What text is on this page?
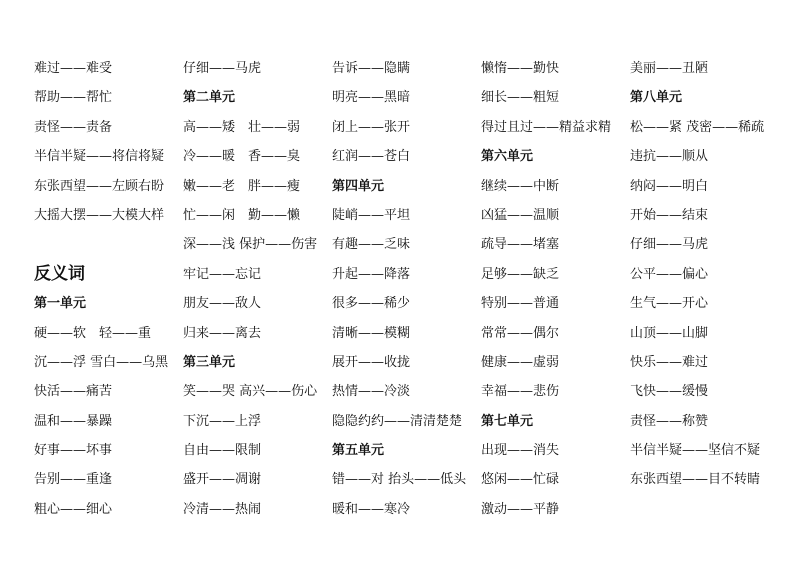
难过——难受
帮助——帮忙
责怪——责备
半信半疑——将信将疑
东张西望——左顾右盼
大摇大摆——大模大样
反义词
第一单元
硬——软　轻——重
沉——浮 雪白——乌黑
快活——痛苦
温和——暴躁
好事——坏事
告别——重逢
粗心——细心
仔细——马虎
第二单元
高——矮　壮——弱
冷——暖　香——臭
嫩——老　胖——瘦
忙——闲　勤——懒
深——浅 保护——伤害
牢记——忘记
朋友——敌人
归来——离去
第三单元
笑——哭 高兴——伤心
下沉——上浮
自由——限制
盛开——凋谢
冷清——热闹
告诉——隐瞒
明亮——黑暗
闭上——张开
红润——苍白
第四单元
陡峭——平坦
有趣——乏味
升起——降落
很多——稀少
清晰——模糊
展开——收拢
热情——冷淡
隐隐约约——清清楚楚
第五单元
错——对 抬头——低头
暖和——寒冷
懒惰——勤快
细长——粗短
得过且过——精益求精
第六单元
继续——中断
凶猛——温顺
疏导——堵塞
足够——缺乏
特别——普通
常常——偶尔
健康——虚弱
幸福——悲伤
第七单元
出现——消失
悠闲——忙碌
激动——平静
美丽——丑陋
第八单元
松——紧 茂密——稀疏
违抗——顺从
纳闷——明白
开始——结束
仔细——马虎
公平——偏心
生气——开心
山顶——山脚
快乐——难过
飞快——缓慢
责怪——称赞
半信半疑——坚信不疑
东张西望——目不转睛
